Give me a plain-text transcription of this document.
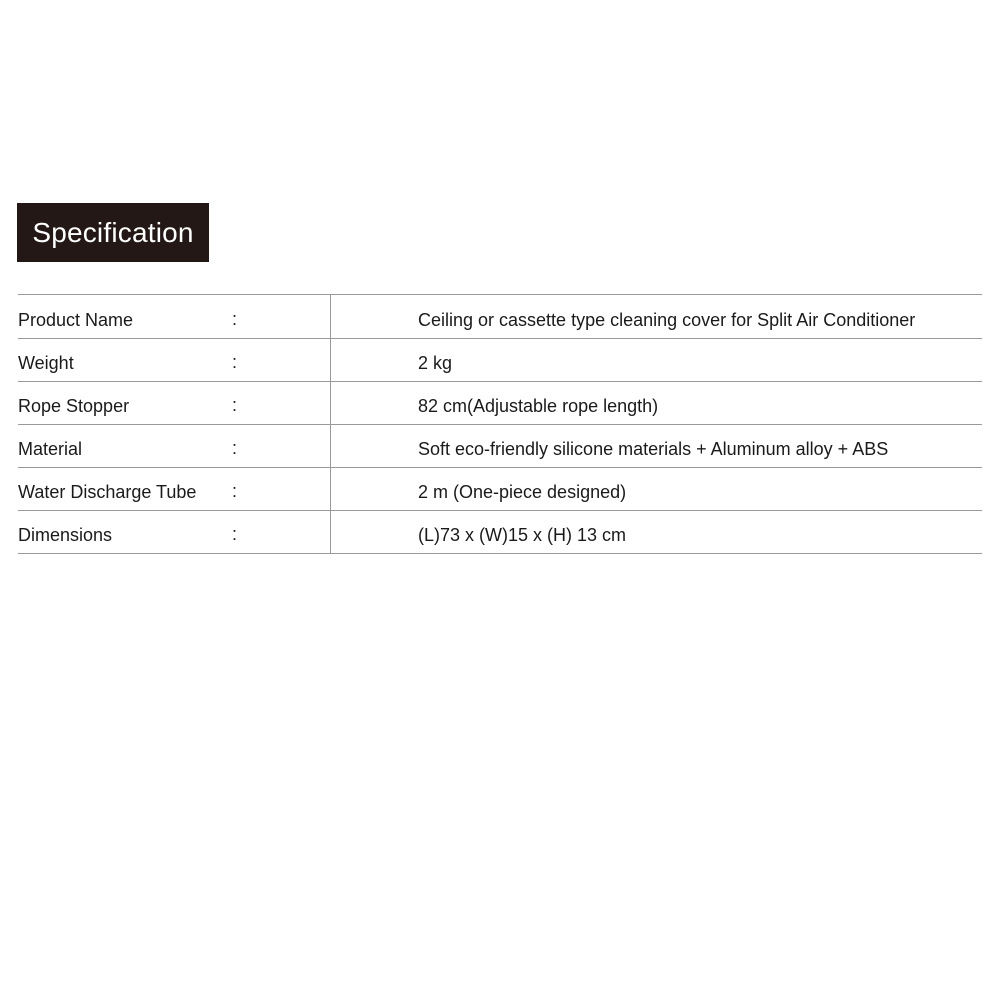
Specification
Product Name	:	Ceiling or cassette type cleaning cover for Split Air Conditioner
Weight	:	2 kg
Rope Stopper	:	82 cm(Adjustable rope length)
Material	:	Soft eco-friendly silicone materials + Aluminum alloy + ABS
Water Discharge Tube :	2 m (One-piece designed)
Dimensions	:	(L)73 x (W)15 x (H) 13 cm
